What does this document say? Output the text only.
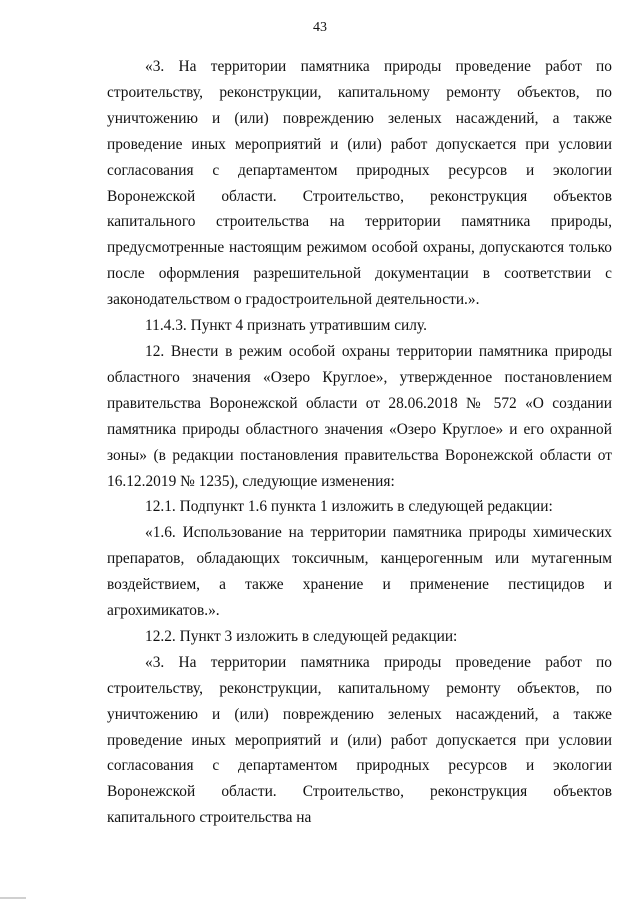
43

«3. На территории памятника природы проведение работ по строительству, реконструкции, капитальному ремонту объектов, по уничтожению и (или) повреждению зеленых насаждений, а также проведение иных мероприятий и (или) работ допускается при условии согласования с департаментом природных ресурсов и экологии Воронежской области. Строительство, реконструкция объектов капитального строительства на территории памятника природы, предусмотренные настоящим режимом особой охраны, допускаются только после оформления разрешительной документации в соответствии с законодательством о градостроительной деятельности.».

11.4.3. Пункт 4 признать утратившим силу.

12. Внести в режим особой охраны территории памятника природы областного значения «Озеро Круглое», утвержденное постановлением правительства Воронежской области от 28.06.2018 № 572 «О создании памятника природы областного значения «Озеро Круглое» и его охранной зоны» (в редакции постановления правительства Воронежской области от 16.12.2019 № 1235), следующие изменения:

12.1. Подпункт 1.6 пункта 1 изложить в следующей редакции:

«1.6. Использование на территории памятника природы химических препаратов, обладающих токсичным, канцерогенным или мутагенным воздействием, а также хранение и применение пестицидов и агрохимикатов.».

12.2. Пункт 3 изложить в следующей редакции:

«3. На территории памятника природы проведение работ по строительству, реконструкции, капитальному ремонту объектов, по уничтожению и (или) повреждению зеленых насаждений, а также проведение иных мероприятий и (или) работ допускается при условии согласования с департаментом природных ресурсов и экологии Воронежской области. Строительство, реконструкция объектов капитального строительства на
